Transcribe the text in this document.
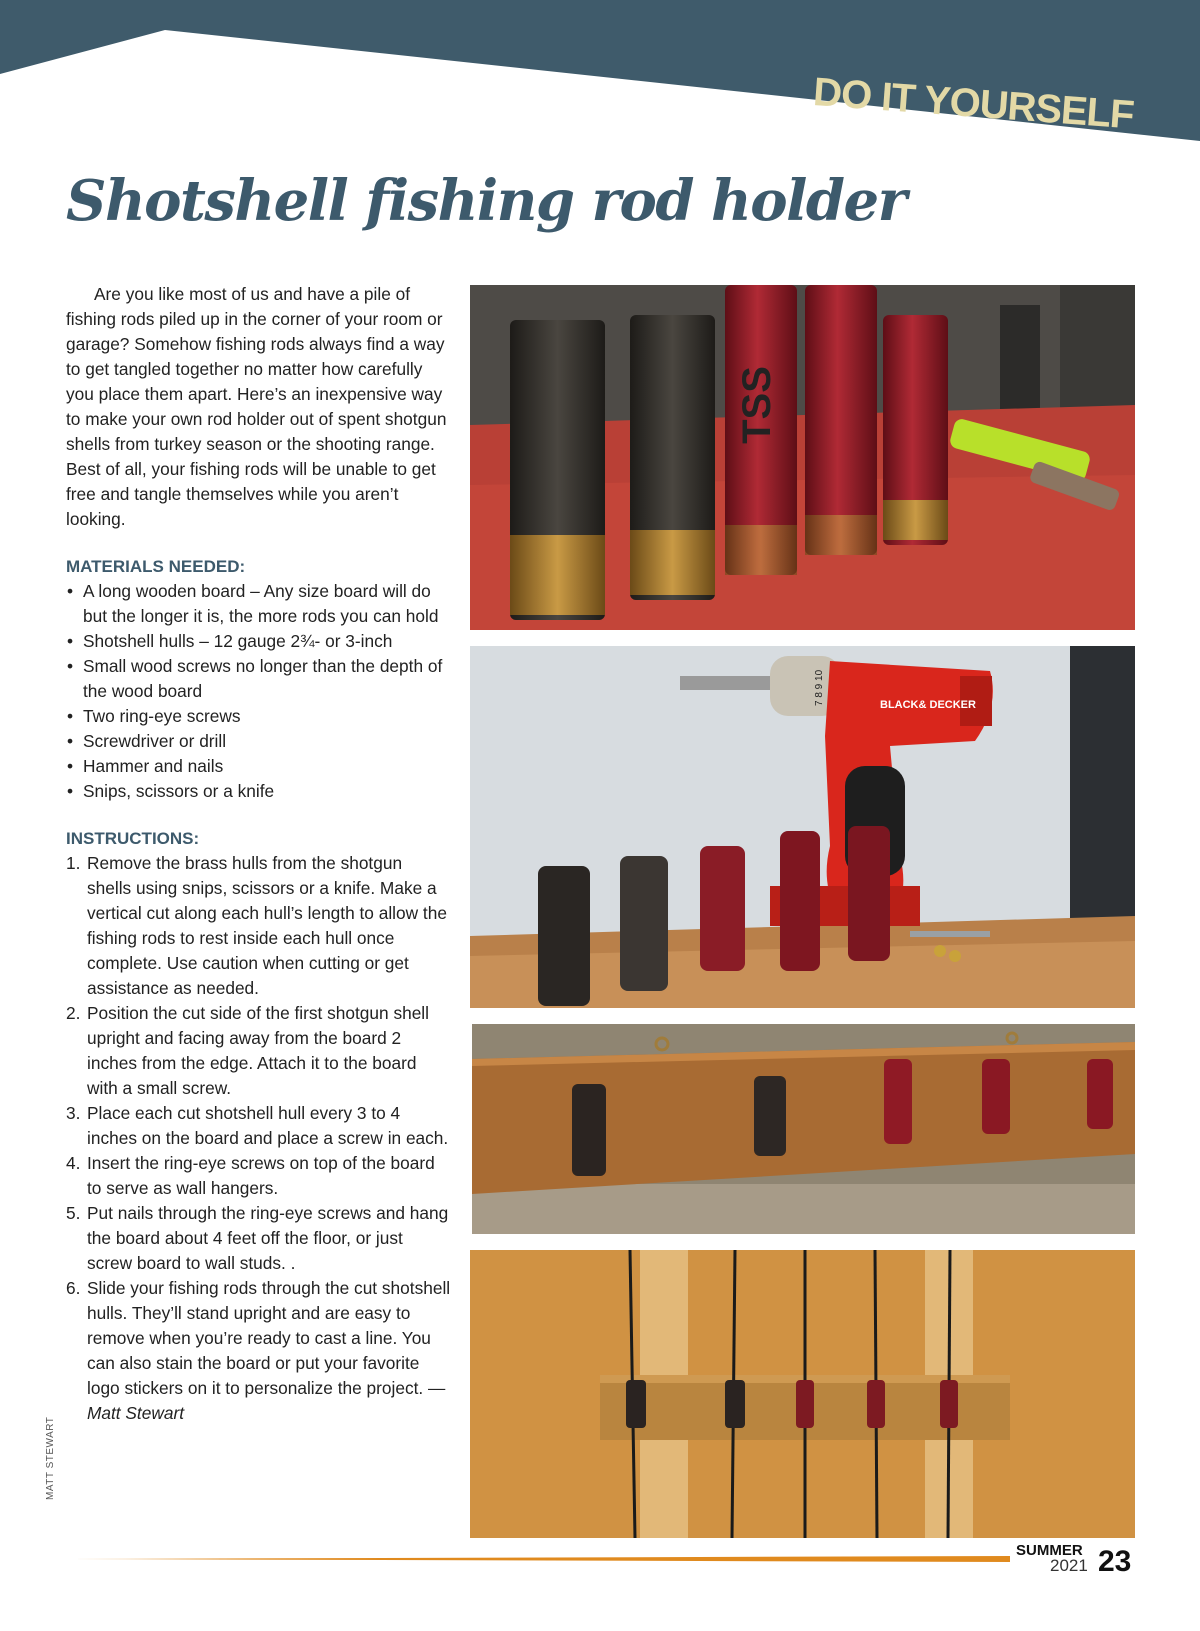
DO IT YOURSELF
Shotshell fishing rod holder

Are you like most of us and have a pile of fishing rods piled up in the corner of your room or garage? Somehow fishing rods always find a way to get tangled together no matter how carefully you place them apart. Here’s an inexpensive way to make your own rod holder out of spent shotgun shells from turkey season or the shooting range. Best of all, your fishing rods will be unable to get free and tangle themselves while you aren’t looking.

MATERIALS NEEDED:
• A long wooden board – Any size board will do but the longer it is, the more rods you can hold
• Shotshell hulls – 12 gauge 2¾- or 3-inch
• Small wood screws no longer than the depth of the wood board
• Two ring-eye screws
• Screwdriver or drill
• Hammer and nails
• Snips, scissors or a knife
INSTRUCTIONS:
1. Remove the brass hulls from the shotgun shells using snips, scissors or a knife. Make a vertical cut along each hull’s length to allow the fishing rods to rest inside each hull once complete. Use caution when cutting or get assistance as needed.
2. Position the cut side of the first shotgun shell upright and facing away from the board 2 inches from the edge. Attach it to the board with a small screw.
3. Place each cut shotshell hull every 3 to 4 inches on the board and place a screw in each.
4. Insert the ring-eye screws on top of the board to serve as wall hangers.
5. Put nails through the ring-eye screws and hang the board about 4 feet off the floor, or just screw board to wall studs. .
6. Slide your fishing rods through the cut shotshell hulls. They’ll stand upright and are easy to remove when you’re ready to cast a line. You can also stain the board or put your favorite logo stickers on it to personalize the project. — Matt Stewart
MATT STEWART
TSS
BLACK& DECKER
7 8 9 10

SUMMER

2021 23
